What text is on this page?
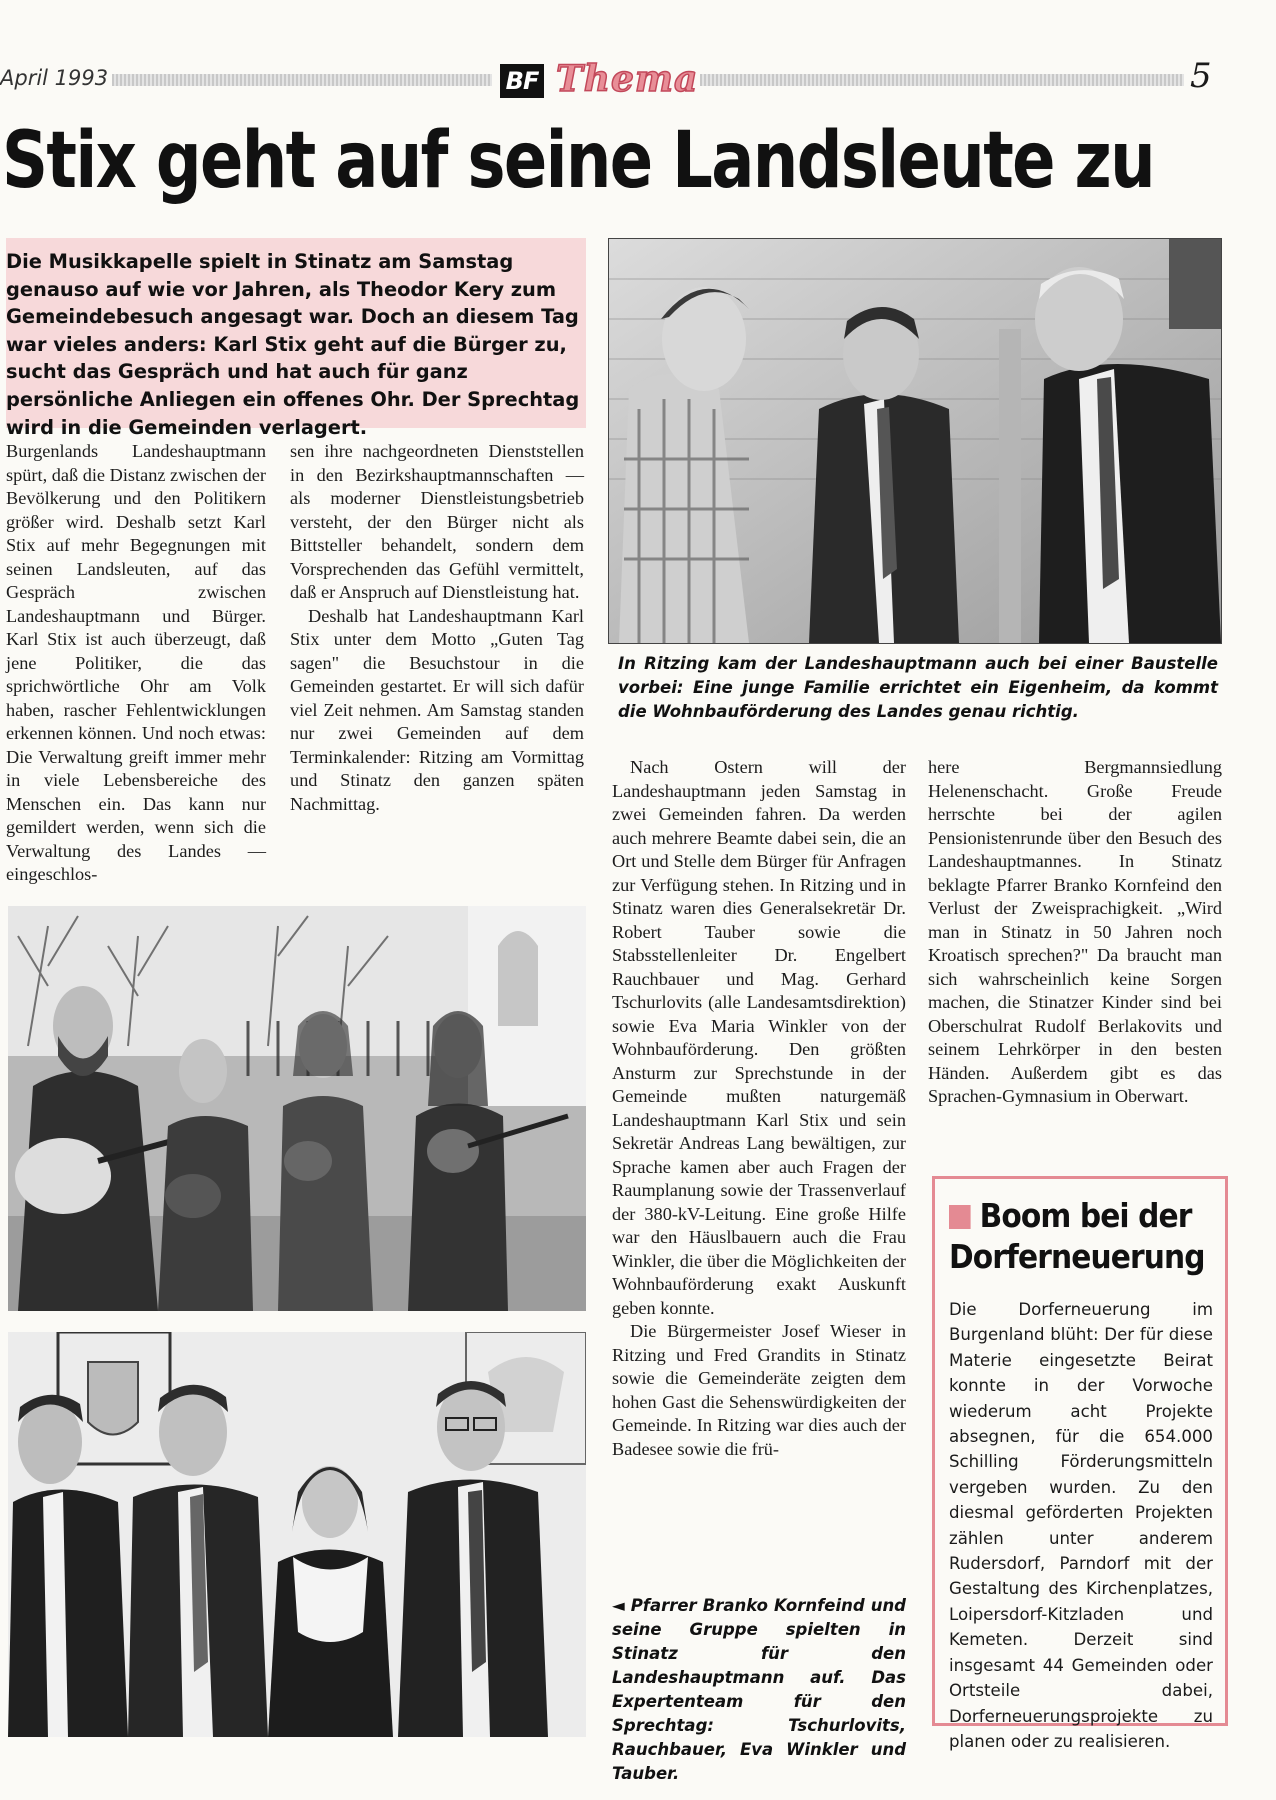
April 1993	BF Thema	5
Stix geht auf seine Landsleute zu

Die Musikkapelle spielt in Stinatz am Samstag genauso auf wie vor Jahren, als Theodor Kery zum Gemeindebesuch angesagt war. Doch an diesem Tag war vieles anders: Karl Stix geht auf die Bürger zu, sucht das Gespräch und hat auch für ganz persönliche Anliegen ein offenes Ohr. Der Sprechtag wird in die Gemeinden verlagert.

Burgenlands Landeshauptmann spürt, daß die Distanz zwischen der Bevölkerung und den Politikern größer wird. Deshalb setzt Karl Stix auf mehr Begegnungen mit seinen Landsleuten, auf das Gespräch zwischen Landeshauptmann und Bürger. Karl Stix ist auch überzeugt, daß jene Politiker, die das sprichwörtliche Ohr am Volk haben, rascher Fehlentwicklungen erkennen können. Und noch etwas: Die Verwaltung greift immer mehr in viele Lebensbereiche des Menschen ein. Das kann nur gemildert werden, wenn sich die Verwaltung des Landes — eingeschlos-

sen ihre nachgeordneten Dienststellen in den Bezirkshauptmannschaften — als moderner Dienstleistungsbetrieb versteht, der den Bürger nicht als Bittsteller behandelt, sondern dem Vorsprechenden das Gefühl vermittelt, daß er Anspruch auf Dienstleistung hat.

Deshalb hat Landeshauptmann Karl Stix unter dem Motto „Guten Tag sagen" die Besuchstour in die Gemeinden gestartet. Er will sich dafür viel Zeit nehmen. Am Samstag standen nur zwei Gemeinden auf dem Terminkalender: Ritzing am Vormittag und Stinatz den ganzen späten Nachmittag.

In Ritzing kam der Landeshauptmann auch bei einer Baustelle vorbei: Eine junge Familie errichtet ein Eigenheim, da kommt die Wohnbauförderung des Landes genau richtig.

Nach Ostern will der Landeshauptmann jeden Samstag in zwei Gemeinden fahren. Da werden auch mehrere Beamte dabei sein, die an Ort und Stelle dem Bürger für Anfragen zur Verfügung stehen. In Ritzing und in Stinatz waren dies Generalsekretär Dr. Robert Tauber sowie die Stabsstellenleiter Dr. Engelbert Rauchbauer und Mag. Gerhard Tschurlovits (alle Landesamtsdirektion) sowie Eva Maria Winkler von der Wohnbauförderung. Den größten Ansturm zur Sprechstunde in der Gemeinde mußten naturgemäß Landeshauptmann Karl Stix und sein Sekretär Andreas Lang bewältigen, zur Sprache kamen aber auch Fragen der Raumplanung sowie der Trassenverlauf der 380-kV-Leitung. Eine große Hilfe war den Häuslbauern auch die Frau Winkler, die über die Möglichkeiten der Wohnbauförderung exakt Auskunft geben konnte.

Die Bürgermeister Josef Wieser in Ritzing und Fred Grandits in Stinatz sowie die Gemeinderäte zeigten dem hohen Gast die Sehenswürdigkeiten der Gemeinde. In Ritzing war dies auch der Badesee sowie die frü-

◄ Pfarrer Branko Kornfeind und seine Gruppe spielten in Stinatz für den Landeshauptmann auf. Das Expertenteam für den Sprechtag: Tschurlovits, Rauchbauer, Eva Winkler und Tauber.

here Bergmannsiedlung Helenenschacht. Große Freude herrschte bei der agilen Pensionistenrunde über den Besuch des Landeshauptmannes. In Stinatz beklagte Pfarrer Branko Kornfeind den Verlust der Zweisprachigkeit. „Wird man in Stinatz in 50 Jahren noch Kroatisch sprechen?" Da braucht man sich wahrscheinlich keine Sorgen machen, die Stinatzer Kinder sind bei Oberschulrat Rudolf Berlakovits und seinem Lehrkörper in den besten Händen. Außerdem gibt es das Sprachen-Gymnasium in Oberwart.

Boom bei der Dorferneuerung
Die Dorferneuerung im Burgenland blüht: Der für diese Materie eingesetzte Beirat konnte in der Vorwoche wiederum acht Projekte absegnen, für die 654.000 Schilling Förderungsmitteln vergeben wurden. Zu den diesmal geförderten Projekten zählen unter anderem Rudersdorf, Parndorf mit der Gestaltung des Kirchenplatzes, Loipersdorf-Kitzladen und Kemeten. Derzeit sind insgesamt 44 Gemeinden oder Ortsteile dabei, Dorferneuerungsprojekte zu planen oder zu realisieren.
